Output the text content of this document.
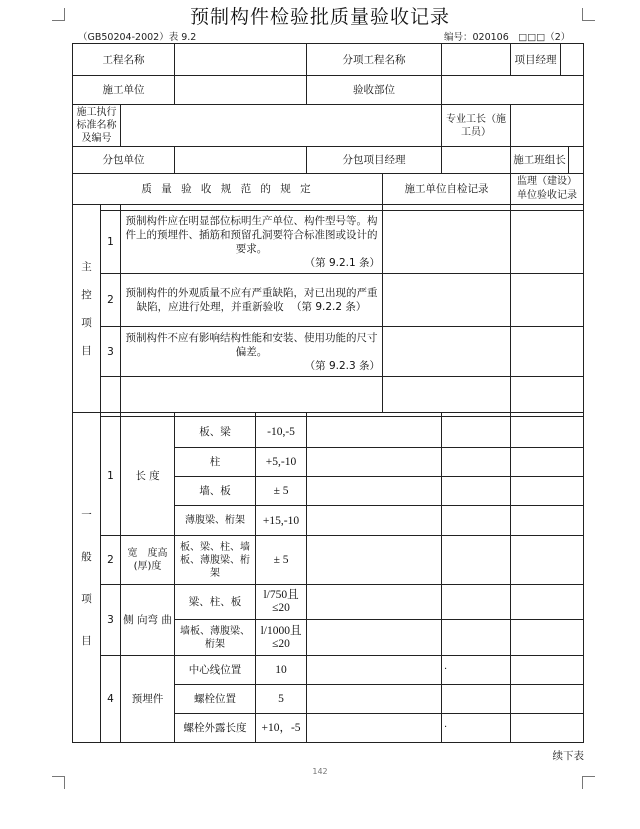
预制构件检验批质量验收记录
（GB50204-2002）表 9.2	编号：020106　□□□（2）
工程名称					分项工程名称			项目经理

施工单位					验收部位			
施工执行标准名称及编号							专业工长（施工员）	
分包单位					分包项目经理			施工班组长

质 量 验 收 规 范 的 规 定						施工单位自检记录		监理（建设）单位验收记录

主

控

项

目								

	1	预制构件应在明显部位标明生产单位、构件型号等。构件上的预埋件、插筋和预留孔洞要符合标准图或设计的要求。
（第 9.2.1 条）						

	2	预制构件的外观质量不应有严重缺陷，对已出现的严重缺陷，应进行处理，并重新验收 （第 9.2.2 条）						
	3	预制构件不应有影响结构性能和安装、使用功能的尺寸偏差。
（第 9.2.3 条）						

一

般

项

目								

	1	长 度	板、梁	-10,-5				
			柱	+5,-10				
			墙、板	± 5				
			薄腹梁、桁架	+15,-10				
	2	宽　度高(厚)度	板、梁、柱、墙板、薄腹梁、桁架	± 5				
	3	侧 向弯 曲	梁、柱、板	l/750且≤20				
			墙板、薄腹梁、桁架	l/1000且≤20				
	4	预埋件	中心线位置	10			·	

			螺栓位置	5				
			螺栓外露长度	+10，-5			·	

续下表
142
